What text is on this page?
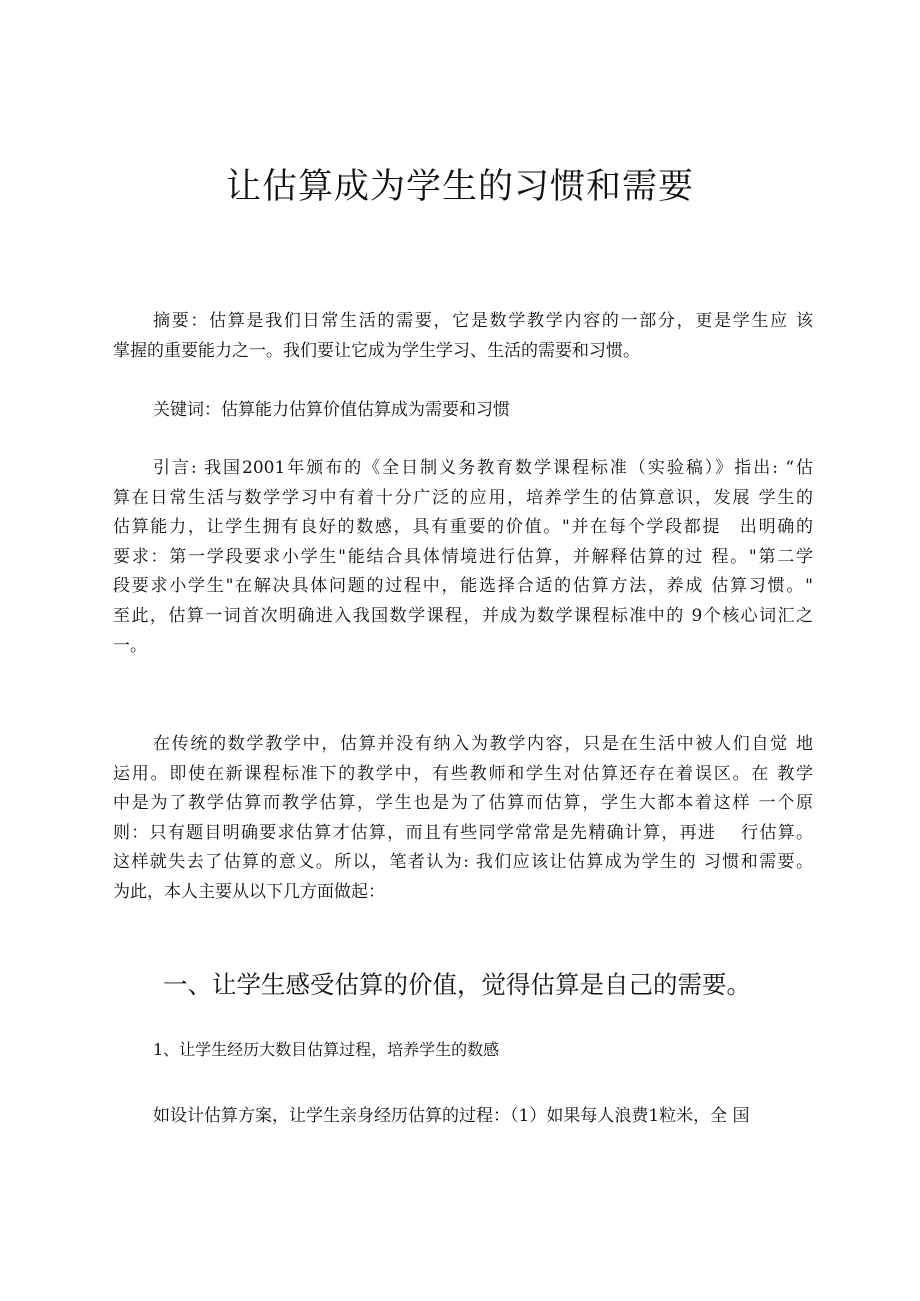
让估算成为学生的习惯和需要

摘要：估算是我们日常生活的需要，它是数学教学内容的一部分，更是学生应 该
掌握的重要能力之一。我们要让它成为学生学习、生活的需要和习惯。

关键词：估算能力估算价值估算成为需要和习惯

引言: 我国2001年颁布的《全日制义务教育数学课程标准（实验稿）》指出: “估
算在日常生活与数学学习中有着十分广泛的应用，培养学生的估算意识，发展 学生的
估算能力，让学生拥有良好的数感，具有重要的价值。"并在每个学段都提　出明确的
要求：第一学段要求小学生"能结合具体情境进行估算，并解释估算的过 程。"第二学
段要求小学生"在解决具体问题的过程中，能选择合适的估算方法，养成 估算习惯。"
至此，估算一词首次明确进入我国数学课程，并成为数学课程标准中的 9个核心词汇之
一。

在传统的数学教学中，估算并没有纳入为教学内容，只是在生活中被人们自觉 地
运用。即使在新课程标准下的教学中，有些教师和学生对估算还存在着误区。在 教学
中是为了教学估算而教学估算，学生也是为了估算而估算，学生大都本着这样 一个原
则：只有题目明确要求估算才估算，而且有些同学常常是先精确计算，再进　 行估算。
这样就失去了估算的意义。所以，笔者认为: 我们应该让估算成为学生的 习惯和需要。
为此，本人主要从以下几方面做起：

一、让学生感受估算的价值，觉得估算是自己的需要。

1、让学生经历大数目估算过程，培养学生的数感

如设计估算方案，让学生亲身经历估算的过程：（1）如果每人浪费1粒米，全 国
